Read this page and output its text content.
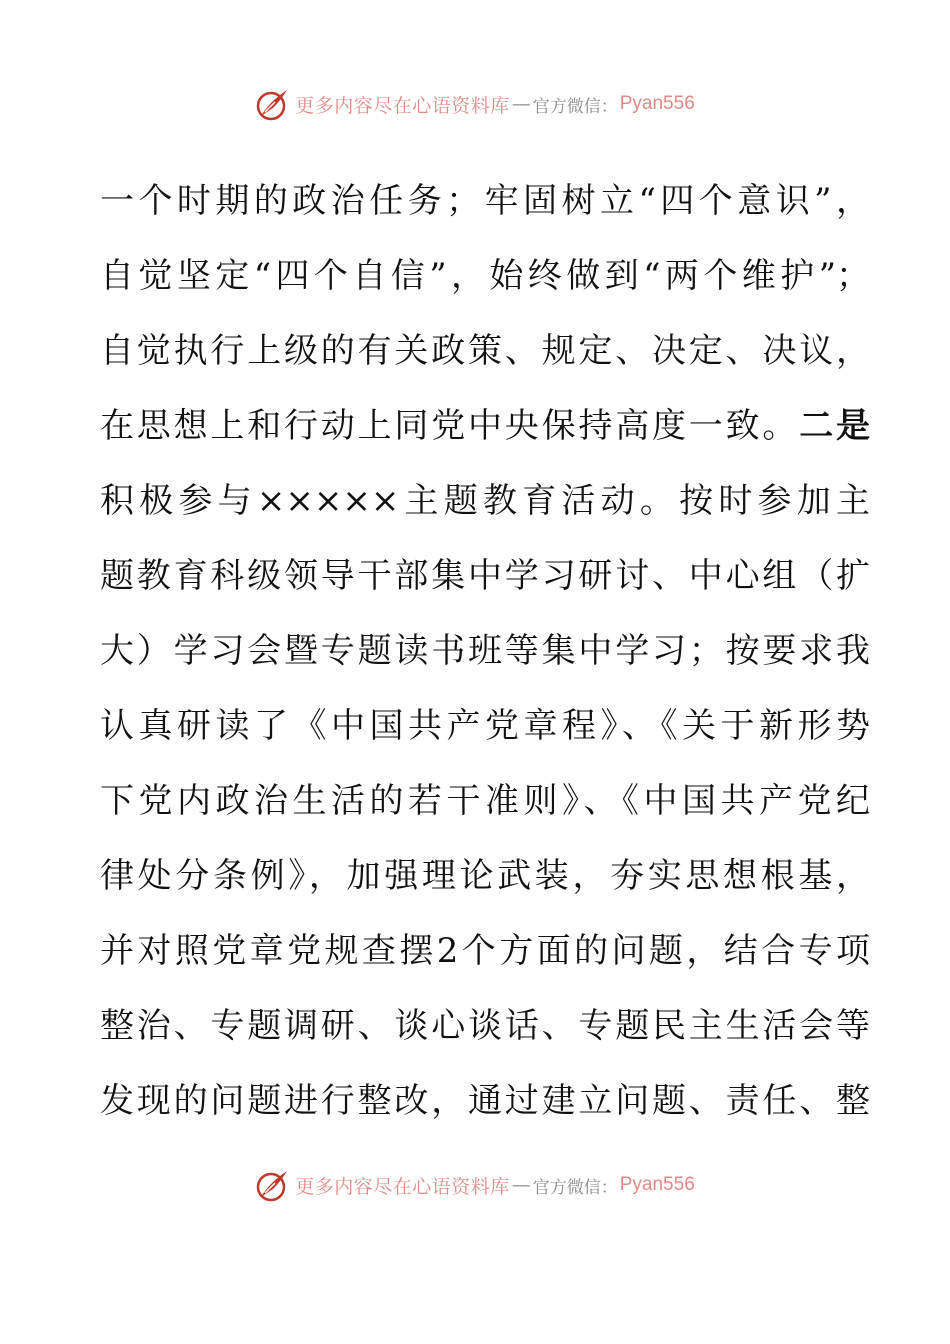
更多内容尽在心语资料库 — 官方微信： Pyan556
一个时期的政治任务；牢固树立“四个意识”，
自觉坚定“四个自信”，始终做到“两个维护”；
自觉执行上级的有关政策、规定、决定、决议，
在思想上和行动上同党中央保持高度一致。二是
积极参与×××××主题教育活动。按时参加主
题教育科级领导干部集中学习研讨、中心组（扩
大）学习会暨专题读书班等集中学习；按要求我
认真研读了《中国共产党章程》、《关于新形势
下党内政治生活的若干准则》、《中国共产党纪
律处分条例》，加强理论武装，夯实思想根基，
并对照党章党规查摆2个方面的问题，结合专项
整治、专题调研、谈心谈话、专题民主生活会等
发现的问题进行整改，通过建立问题、责任、整
更多内容尽在心语资料库 — 官方微信： Pyan556
